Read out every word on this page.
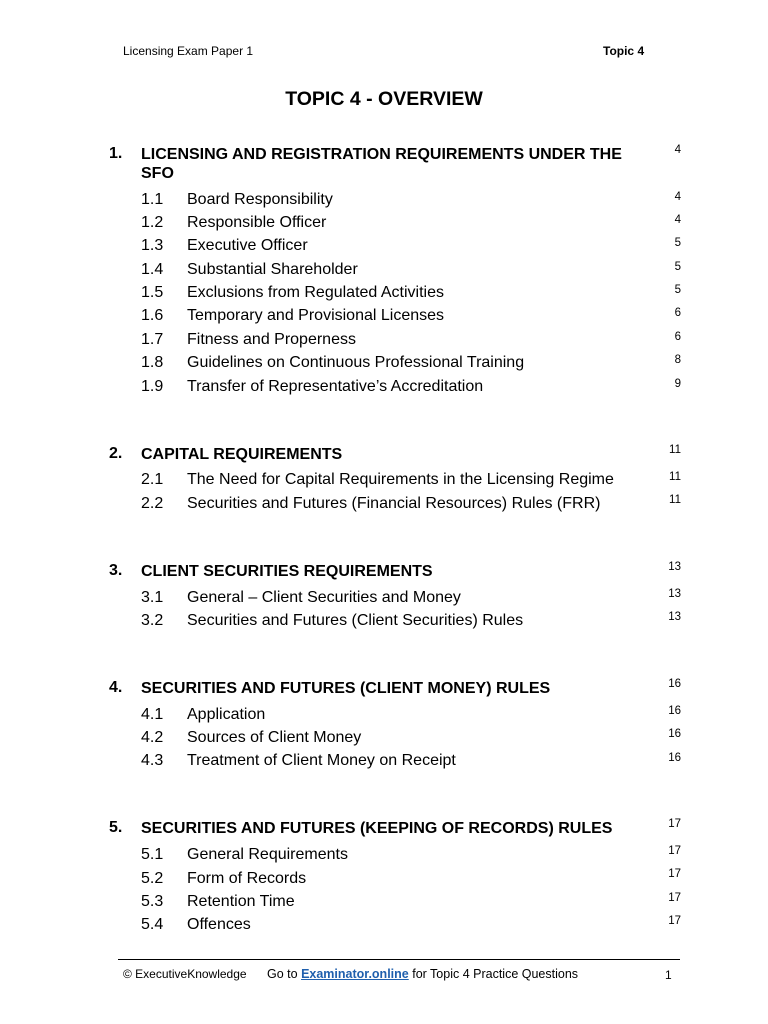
Licensing Exam Paper 1	Topic 4
TOPIC 4 - OVERVIEW
1. LICENSING AND REGISTRATION REQUIREMENTS UNDER THE SFO
4
1.1 Board Responsibility	4
1.2 Responsible Officer	4
1.3 Executive Officer	5
1.4 Substantial Shareholder	5
1.5 Exclusions from Regulated Activities	5
1.6 Temporary and Provisional Licenses	6
1.7 Fitness and Properness	6
1.8 Guidelines on Continuous Professional Training	8
1.9 Transfer of Representative’s Accreditation	9
2. CAPITAL REQUIREMENTS	11
2.1 The Need for Capital Requirements in the Licensing Regime	11
2.2 Securities and Futures (Financial Resources) Rules (FRR)	11
3. CLIENT SECURITIES REQUIREMENTS	13
3.1 General – Client Securities and Money	13
3.2 Securities and Futures (Client Securities) Rules	13
4. SECURITIES AND FUTURES (CLIENT MONEY) RULES	16
4.1 Application	16
4.2 Sources of Client Money	16
4.3 Treatment of Client Money on Receipt	16
5. SECURITIES AND FUTURES (KEEPING OF RECORDS) RULES	17
5.1 General Requirements	17
5.2 Form of Records	17
5.3 Retention Time	17
5.4 Offences	17
© ExecutiveKnowledge Go to Examinator.online for Topic 4 Practice Questions	1
